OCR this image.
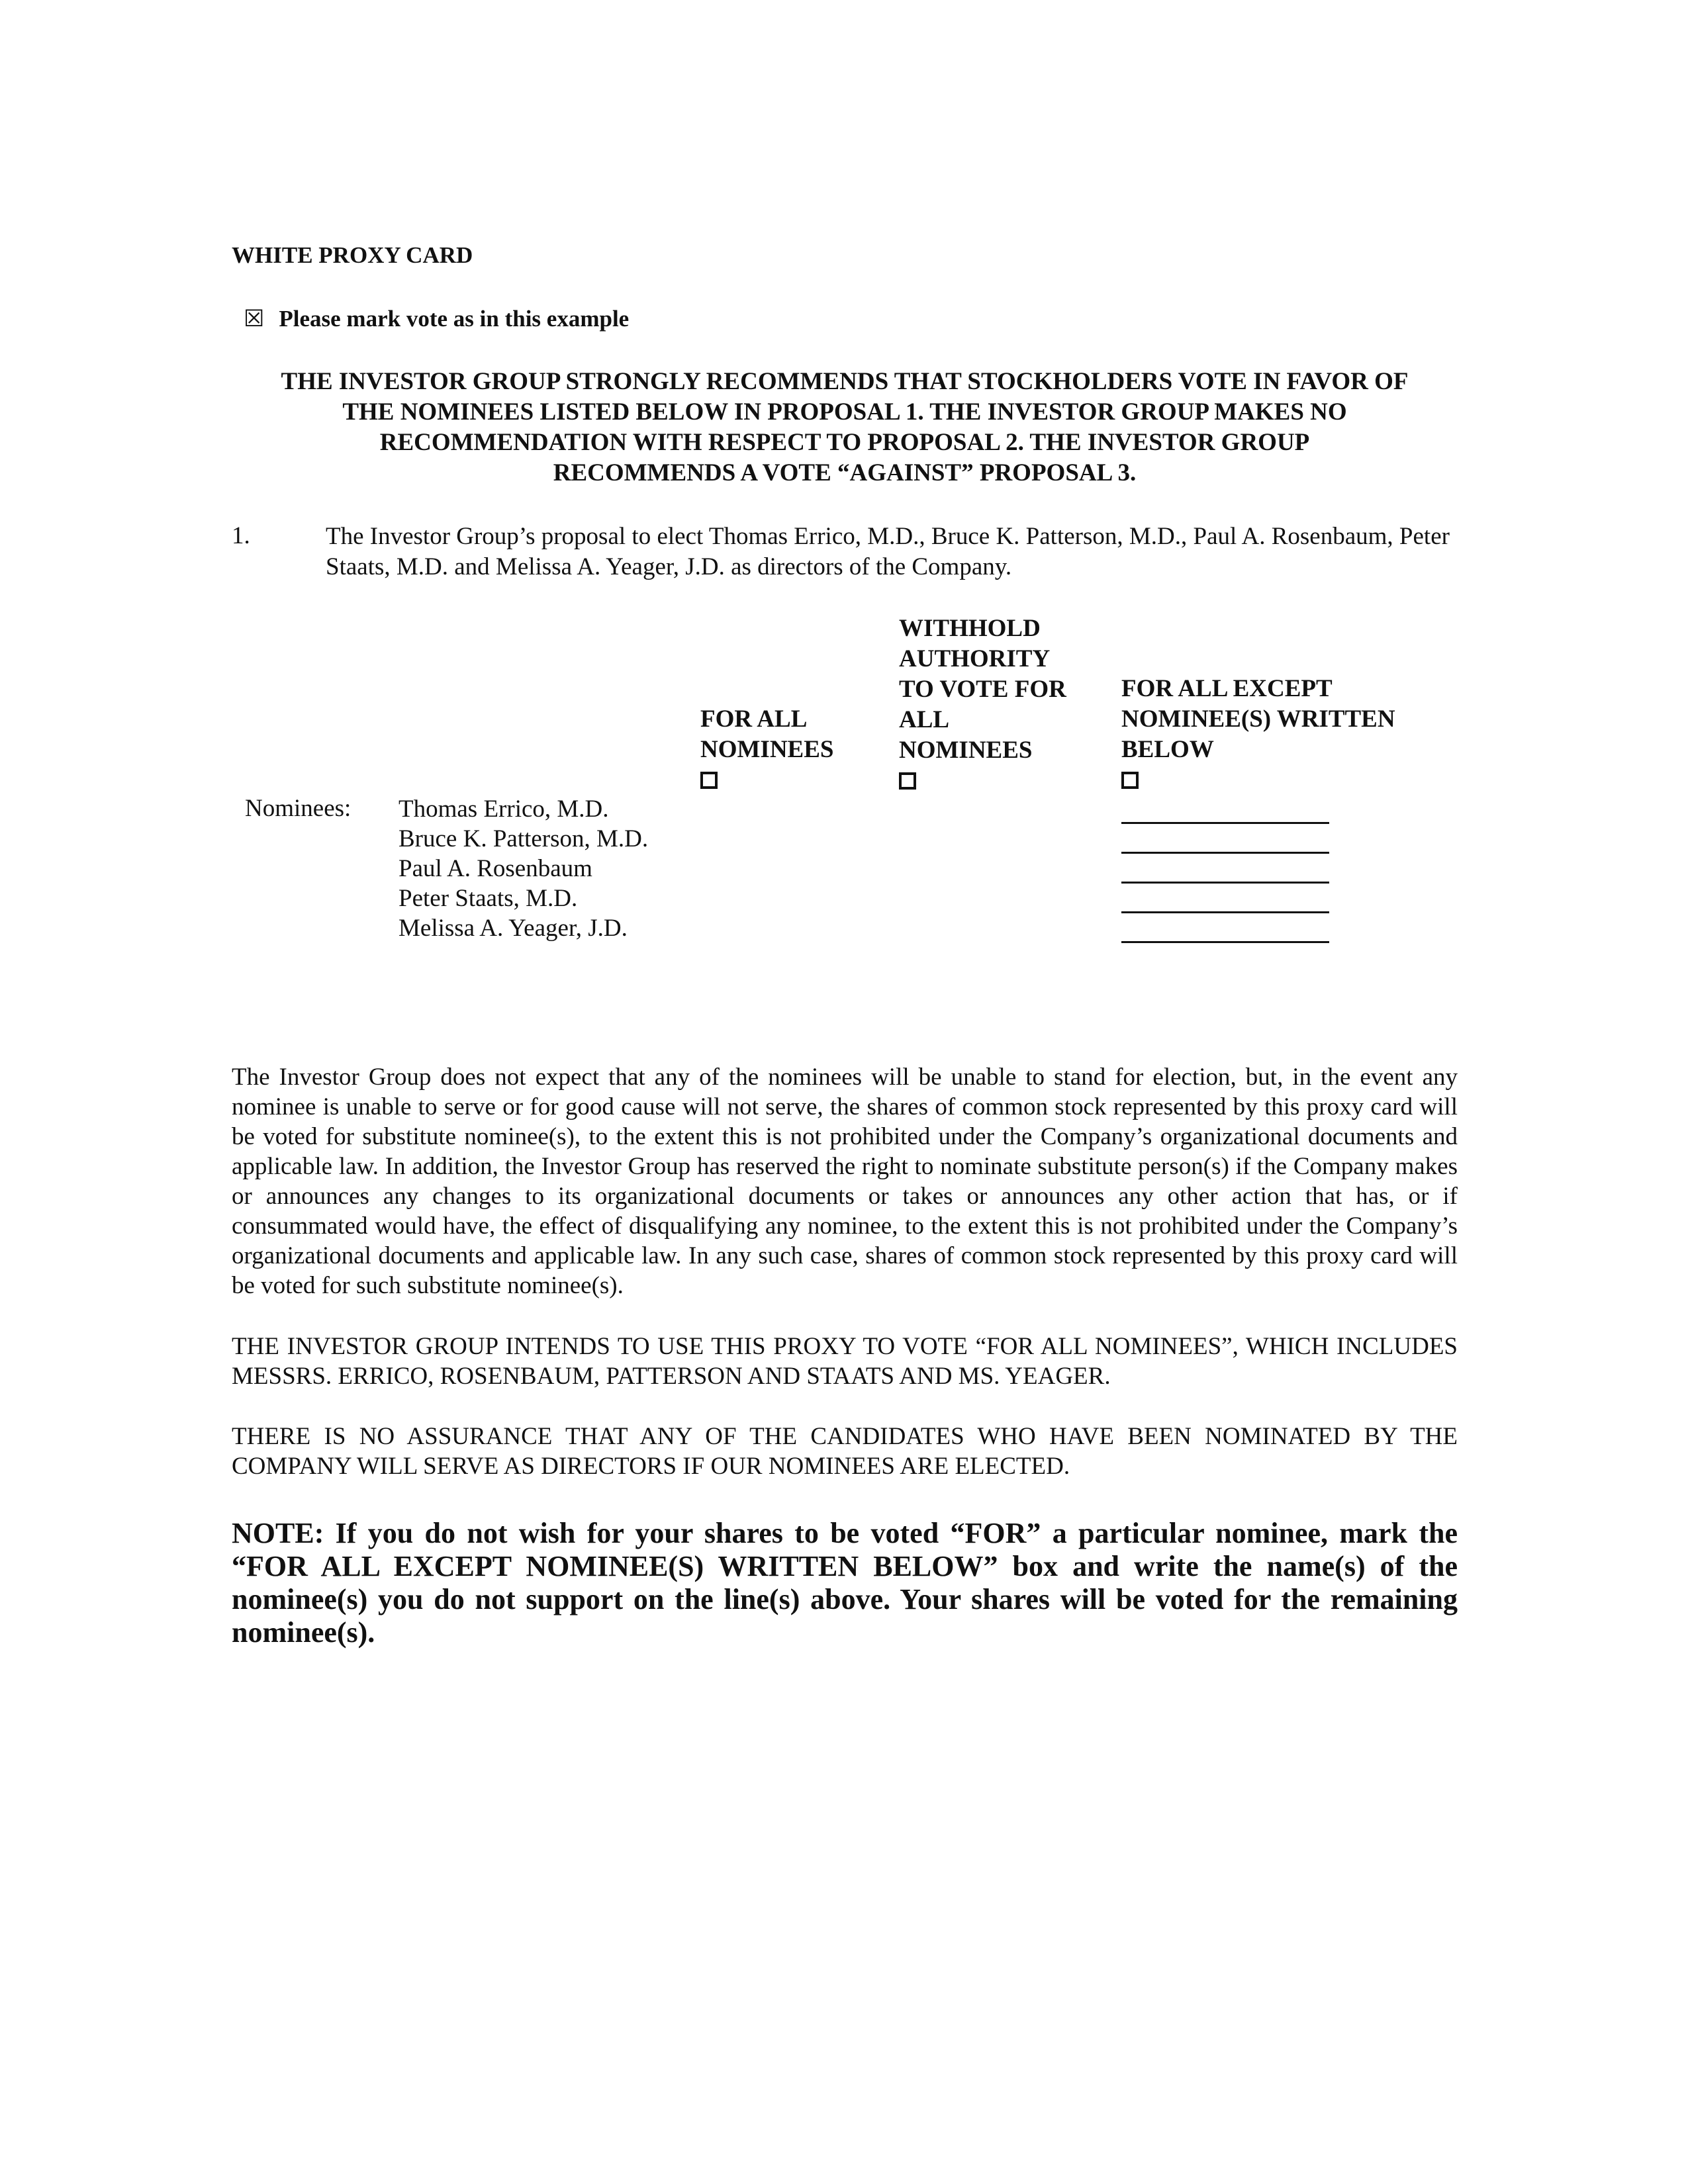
WHITE PROXY CARD
☒ Please mark vote as in this example
THE INVESTOR GROUP STRONGLY RECOMMENDS THAT STOCKHOLDERS VOTE IN FAVOR OF
THE NOMINEES LISTED BELOW IN PROPOSAL 1. THE INVESTOR GROUP MAKES NO
RECOMMENDATION WITH RESPECT TO PROPOSAL 2. THE INVESTOR GROUP
RECOMMENDS A VOTE “AGAINST” PROPOSAL 3.
1.	The Investor Group’s proposal to elect Thomas Errico, M.D., Bruce K. Patterson, M.D., Paul A. Rosenbaum, Peter Staats, M.D. and Melissa A. Yeager, J.D. as directors of the Company.
FOR ALL
NOMINEES
WITHHOLD
AUTHORITY
TO VOTE FOR
ALL
NOMINEES
FOR ALL EXCEPT
NOMINEE(S) WRITTEN
BELOW
Nominees: Thomas Errico, M.D.
Bruce K. Patterson, M.D.
Paul A. Rosenbaum
Peter Staats, M.D.
Melissa A. Yeager, J.D.
The Investor Group does not expect that any of the nominees will be unable to stand for election, but, in the event any nominee is unable to serve or for good cause will not serve, the shares of common stock represented by this proxy card will be voted for substitute nominee(s), to the extent this is not prohibited under the Company’s organizational documents and applicable law. In addition, the Investor Group has reserved the right to nominate substitute person(s) if the Company makes or announces any changes to its organizational documents or takes or announces any other action that has, or if consummated would have, the effect of disqualifying any nominee, to the extent this is not prohibited under the Company’s organizational documents and applicable law. In any such case, shares of common stock represented by this proxy card will be voted for such substitute nominee(s).
THE INVESTOR GROUP INTENDS TO USE THIS PROXY TO VOTE “FOR ALL NOMINEES”, WHICH INCLUDES MESSRS. ERRICO, ROSENBAUM, PATTERSON AND STAATS AND MS. YEAGER.
THERE IS NO ASSURANCE THAT ANY OF THE CANDIDATES WHO HAVE BEEN NOMINATED BY THE COMPANY WILL SERVE AS DIRECTORS IF OUR NOMINEES ARE ELECTED.
NOTE: If you do not wish for your shares to be voted “FOR” a particular nominee, mark the “FOR ALL EXCEPT NOMINEE(S) WRITTEN BELOW” box and write the name(s) of the nominee(s) you do not support on the line(s) above. Your shares will be voted for the remaining nominee(s).
